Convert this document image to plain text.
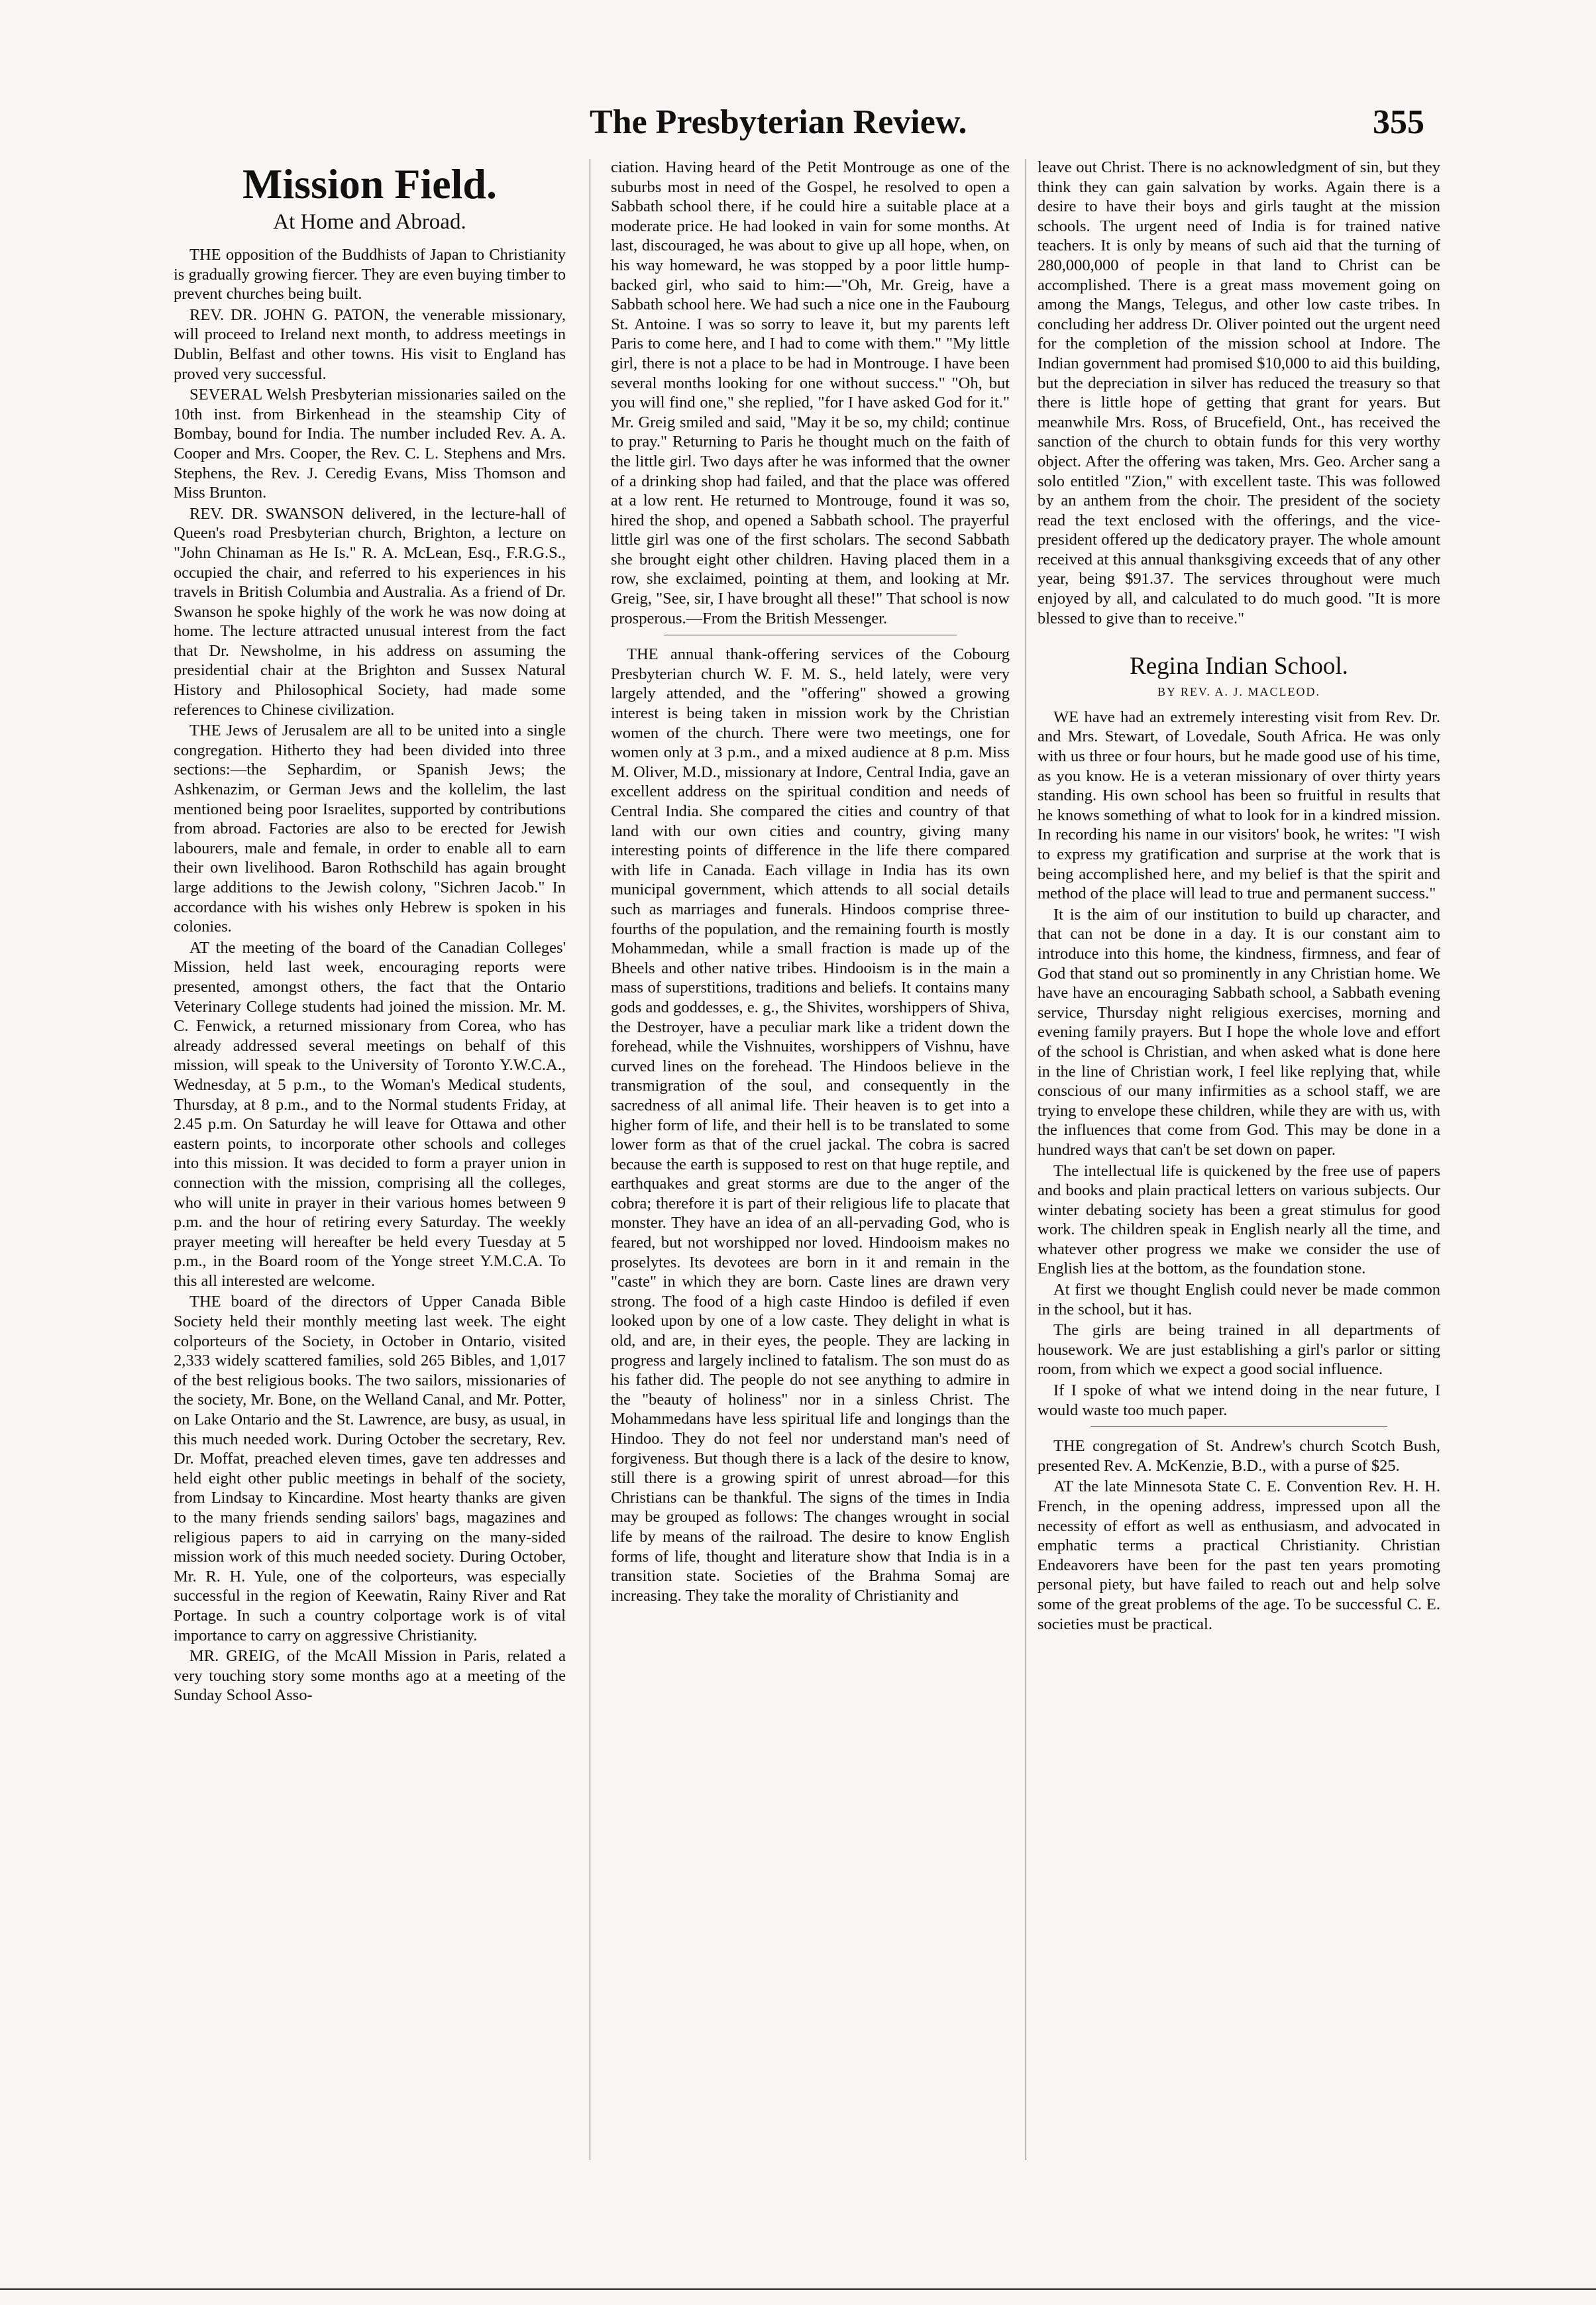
The Presbyterian Review.	355
Mission Field.
At Home and Abroad.

THE opposition of the Buddhists of Japan to Christianity is gradually growing fiercer. They are even buying timber to prevent churches being built.

REV. DR. JOHN G. PATON, the venerable missionary, will proceed to Ireland next month, to address meetings in Dublin, Belfast and other towns. His visit to England has proved very successful.

SEVERAL Welsh Presbyterian missionaries sailed on the 10th inst. from Birkenhead in the steamship City of Bombay, bound for India. The number included Rev. A. A. Cooper and Mrs. Cooper, the Rev. C. L. Stephens and Mrs. Stephens, the Rev. J. Ceredig Evans, Miss Thomson and Miss Brunton.

REV. DR. SWANSON delivered, in the lecture-hall of Queen's road Presbyterian church, Brighton, a lecture on "John Chinaman as He Is." R. A. McLean, Esq., F.R.G.S., occupied the chair, and referred to his experiences in his travels in British Columbia and Australia. As a friend of Dr. Swanson he spoke highly of the work he was now doing at home. The lecture attracted unusual interest from the fact that Dr. Newsholme, in his address on assuming the presidential chair at the Brighton and Sussex Natural History and Philosophical Society, had made some references to Chinese civilization.

THE Jews of Jerusalem are all to be united into a single congregation. Hitherto they had been divided into three sections:—the Sephardim, or Spanish Jews; the Ashkenazim, or German Jews and the kollelim, the last mentioned being poor Israelites, supported by contributions from abroad. Factories are also to be erected for Jewish labourers, male and female, in order to enable all to earn their own livelihood. Baron Rothschild has again brought large additions to the Jewish colony, "Sichren Jacob." In accordance with his wishes only Hebrew is spoken in his colonies.

AT the meeting of the board of the Canadian Colleges' Mission, held last week, encouraging reports were presented, amongst others, the fact that the Ontario Veterinary College students had joined the mission. Mr. M. C. Fenwick, a returned missionary from Corea, who has already addressed several meetings on behalf of this mission, will speak to the University of Toronto Y.W.C.A., Wednesday, at 5 p.m., to the Woman's Medical students, Thursday, at 8 p.m., and to the Normal students Friday, at 2.45 p.m. On Saturday he will leave for Ottawa and other eastern points, to incorporate other schools and colleges into this mission. It was decided to form a prayer union in connection with the mission, comprising all the colleges, who will unite in prayer in their various homes between 9 p.m. and the hour of retiring every Saturday. The weekly prayer meeting will hereafter be held every Tuesday at 5 p.m., in the Board room of the Yonge street Y.M.C.A. To this all interested are welcome.

THE board of the directors of Upper Canada Bible Society held their monthly meeting last week. The eight colporteurs of the Society, in October in Ontario, visited 2,333 widely scattered families, sold 265 Bibles, and 1,017 of the best religious books. The two sailors, missionaries of the society, Mr. Bone, on the Welland Canal, and Mr. Potter, on Lake Ontario and the St. Lawrence, are busy, as usual, in this much needed work. During October the secretary, Rev. Dr. Moffat, preached eleven times, gave ten addresses and held eight other public meetings in behalf of the society, from Lindsay to Kincardine. Most hearty thanks are given to the many friends sending sailors' bags, magazines and religious papers to aid in carrying on the many-sided mission work of this much needed society. During October, Mr. R. H. Yule, one of the colporteurs, was especially successful in the region of Keewatin, Rainy River and Rat Portage. In such a country colportage work is of vital importance to carry on aggressive Christianity.

MR. GREIG, of the McAll Mission in Paris, related a very touching story some months ago at a meeting of the Sunday School Asso-

ciation. Having heard of the Petit Montrouge as one of the suburbs most in need of the Gospel, he resolved to open a Sabbath school there, if he could hire a suitable place at a moderate price. He had looked in vain for some months. At last, discouraged, he was about to give up all hope, when, on his way homeward, he was stopped by a poor little hump-backed girl, who said to him:—"Oh, Mr. Greig, have a Sabbath school here. We had such a nice one in the Faubourg St. Antoine. I was so sorry to leave it, but my parents left Paris to come here, and I had to come with them." "My little girl, there is not a place to be had in Montrouge. I have been several months looking for one without success." "Oh, but you will find one," she replied, "for I have asked God for it." Mr. Greig smiled and said, "May it be so, my child; continue to pray." Returning to Paris he thought much on the faith of the little girl. Two days after he was informed that the owner of a drinking shop had failed, and that the place was offered at a low rent. He returned to Montrouge, found it was so, hired the shop, and opened a Sabbath school. The prayerful little girl was one of the first scholars. The second Sabbath she brought eight other children. Having placed them in a row, she exclaimed, pointing at them, and looking at Mr. Greig, "See, sir, I have brought all these!" That school is now prosperous.—From the British Messenger.

THE annual thank-offering services of the Cobourg Presbyterian church W. F. M. S., held lately, were very largely attended, and the "offering" showed a growing interest is being taken in mission work by the Christian women of the church. There were two meetings, one for women only at 3 p.m., and a mixed audience at 8 p.m. Miss M. Oliver, M.D., missionary at Indore, Central India, gave an excellent address on the spiritual condition and needs of Central India. She compared the cities and country of that land with our own cities and country, giving many interesting points of difference in the life there compared with life in Canada. Each village in India has its own municipal government, which attends to all social details such as marriages and funerals. Hindoos comprise three-fourths of the population, and the remaining fourth is mostly Mohammedan, while a small fraction is made up of the Bheels and other native tribes. Hindooism is in the main a mass of superstitions, traditions and beliefs. It contains many gods and goddesses, e. g., the Shivites, worshippers of Shiva, the Destroyer, have a peculiar mark like a trident down the forehead, while the Vishnuites, worshippers of Vishnu, have curved lines on the forehead. The Hindoos believe in the transmigration of the soul, and consequently in the sacredness of all animal life. Their heaven is to get into a higher form of life, and their hell is to be translated to some lower form as that of the cruel jackal. The cobra is sacred because the earth is supposed to rest on that huge reptile, and earthquakes and great storms are due to the anger of the cobra; therefore it is part of their religious life to placate that monster. They have an idea of an all-pervading God, who is feared, but not worshipped nor loved. Hindooism makes no proselytes. Its devotees are born in it and remain in the "caste" in which they are born. Caste lines are drawn very strong. The food of a high caste Hindoo is defiled if even looked upon by one of a low caste. They delight in what is old, and are, in their eyes, the people. They are lacking in progress and largely inclined to fatalism. The son must do as his father did. The people do not see anything to admire in the "beauty of holiness" nor in a sinless Christ. The Mohammedans have less spiritual life and longings than the Hindoo. They do not feel nor understand man's need of forgiveness. But though there is a lack of the desire to know, still there is a growing spirit of unrest abroad—for this Christians can be thankful. The signs of the times in India may be grouped as follows: The changes wrought in social life by means of the railroad. The desire to know English forms of life, thought and literature show that India is in a transition state. Societies of the Brahma Somaj are increasing. They take the morality of Christianity and

leave out Christ. There is no acknowledgment of sin, but they think they can gain salvation by works. Again there is a desire to have their boys and girls taught at the mission schools. The urgent need of India is for trained native teachers. It is only by means of such aid that the turning of 280,000,000 of people in that land to Christ can be accomplished. There is a great mass movement going on among the Mangs, Telegus, and other low caste tribes. In concluding her address Dr. Oliver pointed out the urgent need for the completion of the mission school at Indore. The Indian government had promised $10,000 to aid this building, but the depreciation in silver has reduced the treasury so that there is little hope of getting that grant for years. But meanwhile Mrs. Ross, of Brucefield, Ont., has received the sanction of the church to obtain funds for this very worthy object. After the offering was taken, Mrs. Geo. Archer sang a solo entitled "Zion," with excellent taste. This was followed by an anthem from the choir. The president of the society read the text enclosed with the offerings, and the vice-president offered up the dedicatory prayer. The whole amount received at this annual thanksgiving exceeds that of any other year, being $91.37. The services throughout were much enjoyed by all, and calculated to do much good. "It is more blessed to give than to receive."

Regina Indian School.
BY REV. A. J. MACLEOD.

WE have had an extremely interesting visit from Rev. Dr. and Mrs. Stewart, of Lovedale, South Africa. He was only with us three or four hours, but he made good use of his time, as you know. He is a veteran missionary of over thirty years standing. His own school has been so fruitful in results that he knows something of what to look for in a kindred mission. In recording his name in our visitors' book, he writes: "I wish to express my gratification and surprise at the work that is being accomplished here, and my belief is that the spirit and method of the place will lead to true and permanent success."

It is the aim of our institution to build up character, and that can not be done in a day. It is our constant aim to introduce into this home, the kindness, firmness, and fear of God that stand out so prominently in any Christian home. We have have an encouraging Sabbath school, a Sabbath evening service, Thursday night religious exercises, morning and evening family prayers. But I hope the whole love and effort of the school is Christian, and when asked what is done here in the line of Christian work, I feel like replying that, while conscious of our many infirmities as a school staff, we are trying to envelope these children, while they are with us, with the influences that come from God. This may be done in a hundred ways that can't be set down on paper.

The intellectual life is quickened by the free use of papers and books and plain practical letters on various subjects. Our winter debating society has been a great stimulus for good work. The children speak in English nearly all the time, and whatever other progress we make we consider the use of English lies at the bottom, as the foundation stone.

At first we thought English could never be made common in the school, but it has.

The girls are being trained in all departments of housework. We are just establishing a girl's parlor or sitting room, from which we expect a good social influence.

If I spoke of what we intend doing in the near future, I would waste too much paper.

THE congregation of St. Andrew's church Scotch Bush, presented Rev. A. McKenzie, B.D., with a purse of $25.

AT the late Minnesota State C. E. Convention Rev. H. H. French, in the opening address, impressed upon all the necessity of effort as well as enthusiasm, and advocated in emphatic terms a practical Christianity. Christian Endeavorers have been for the past ten years promoting personal piety, but have failed to reach out and help solve some of the great problems of the age. To be successful C. E. societies must be practical.
